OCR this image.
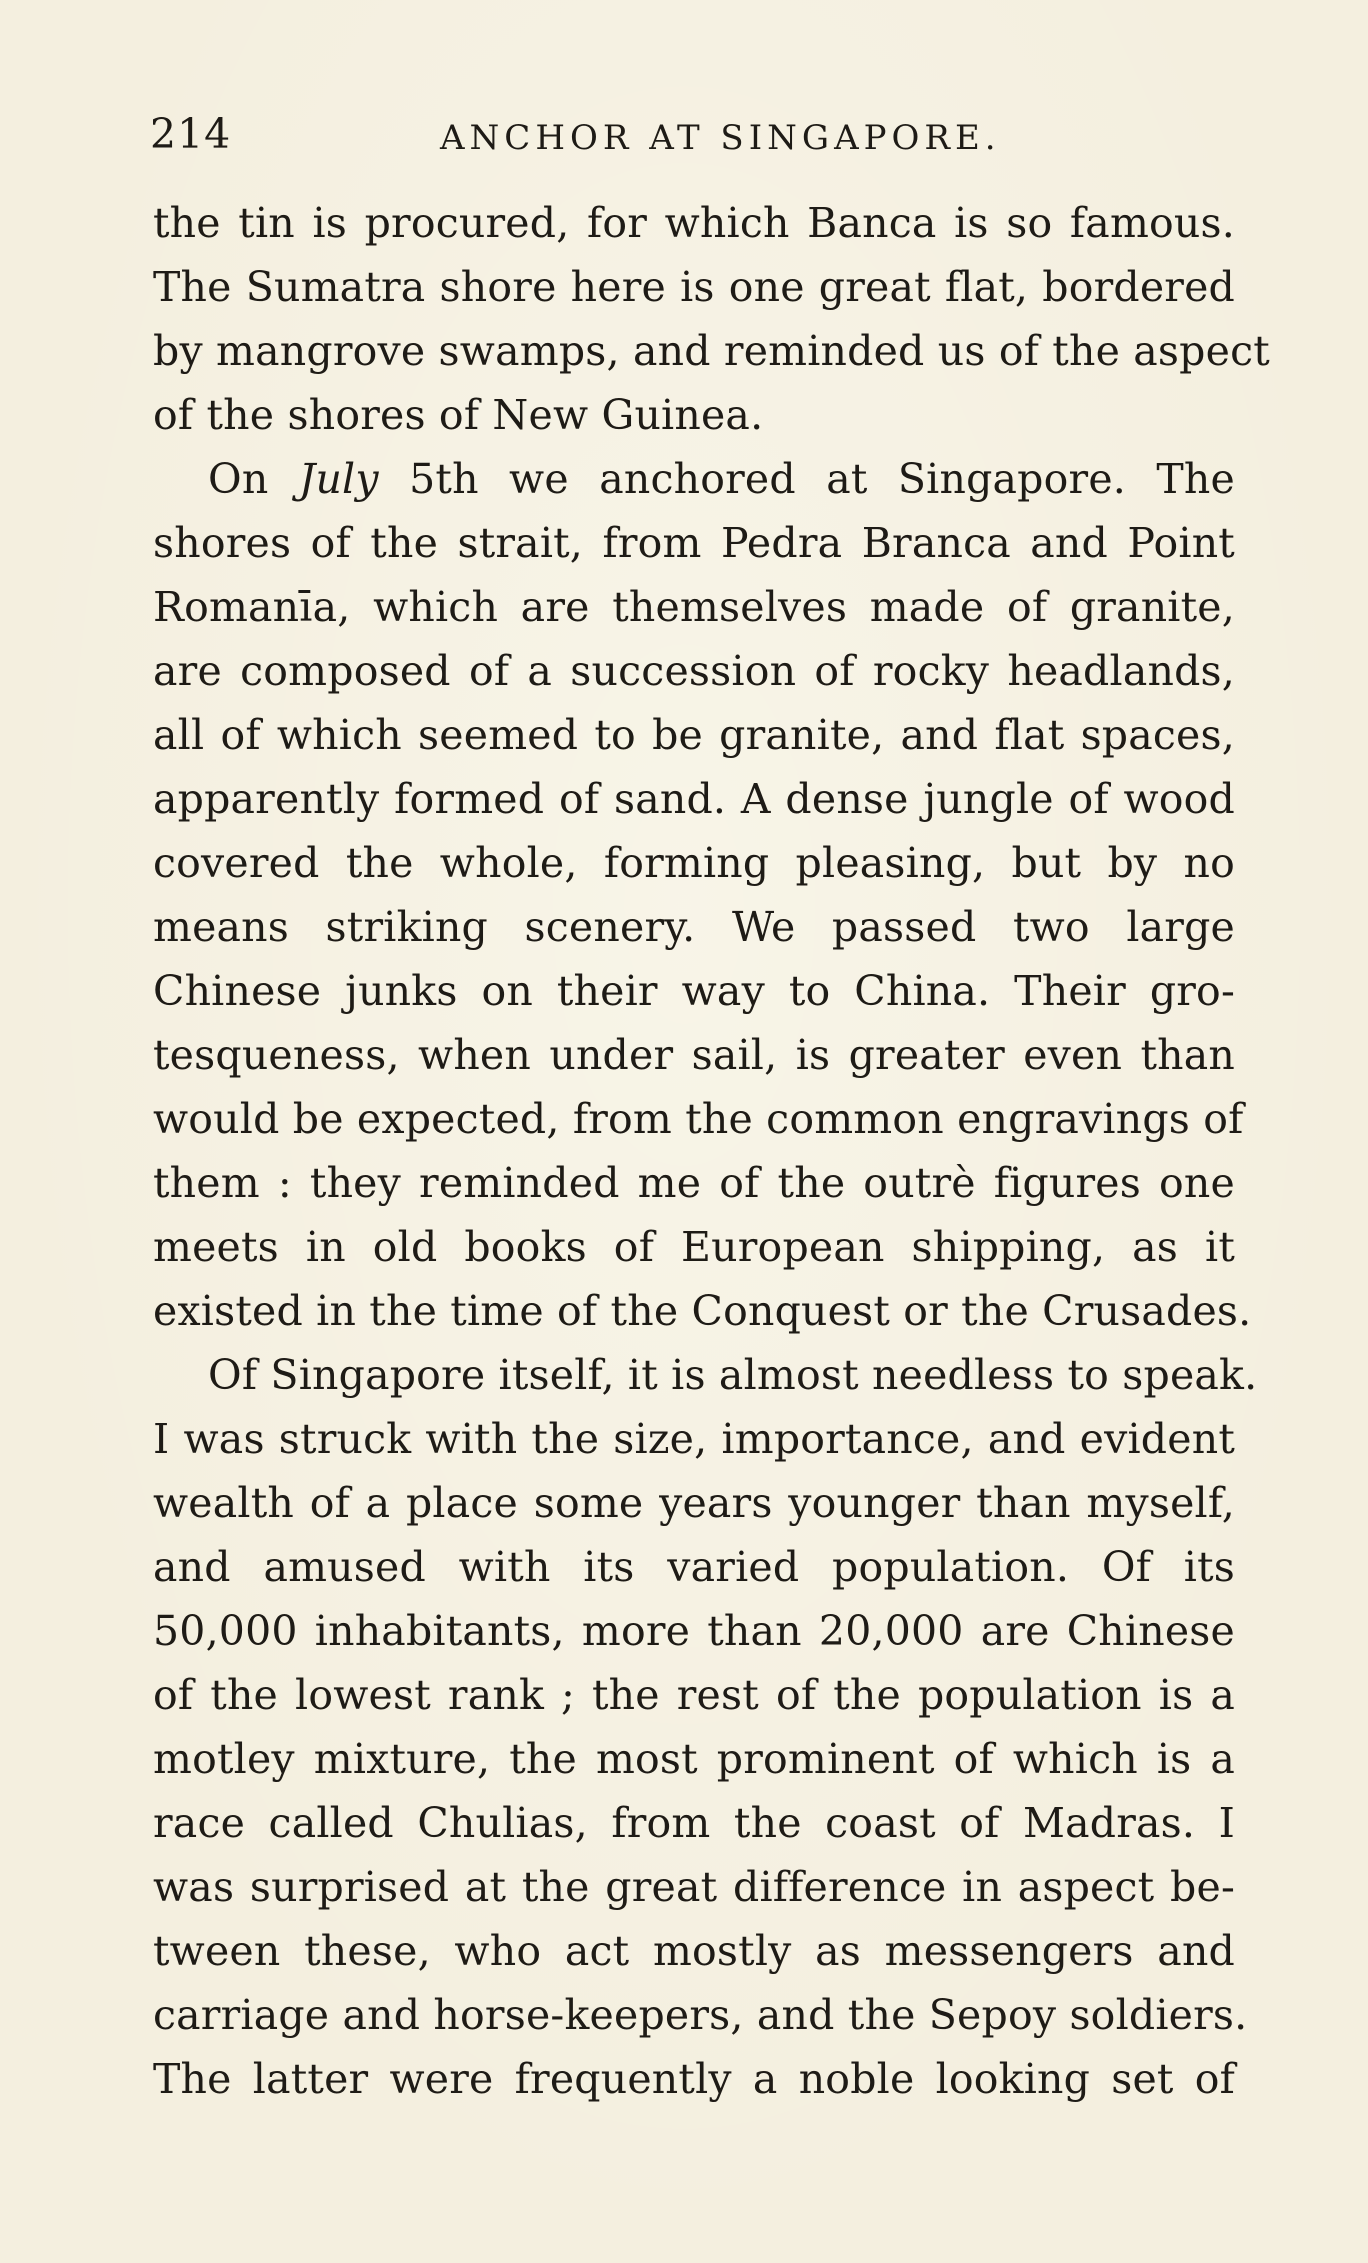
214	ANCHOR AT SINGAPORE.
the tin is procured, for which Banca is so famous.
The Sumatra shore here is one great flat, bordered
by mangrove swamps, and reminded us of the aspect
of the shores of New Guinea.
On July 5th we anchored at Singapore. The
shores of the strait, from Pedra Branca and Point
Romanīa, which are themselves made of granite,
are composed of a succession of rocky headlands,
all of which seemed to be granite, and flat spaces,
apparently formed of sand. A dense jungle of wood
covered the whole, forming pleasing, but by no
means striking scenery. We passed two large
Chinese junks on their way to China. Their gro-
tesqueness, when under sail, is greater even than
would be expected, from the common engravings of
them : they reminded me of the outrè figures one
meets in old books of European shipping, as it
existed in the time of the Conquest or the Crusades.
Of Singapore itself, it is almost needless to speak.
I was struck with the size, importance, and evident
wealth of a place some years younger than myself,
and amused with its varied population. Of its
50,000 inhabitants, more than 20,000 are Chinese
of the lowest rank ; the rest of the population is a
motley mixture, the most prominent of which is a
race called Chulias, from the coast of Madras. I
was surprised at the great difference in aspect be-
tween these, who act mostly as messengers and
carriage and horse-keepers, and the Sepoy soldiers.
The latter were frequently a noble looking set of
